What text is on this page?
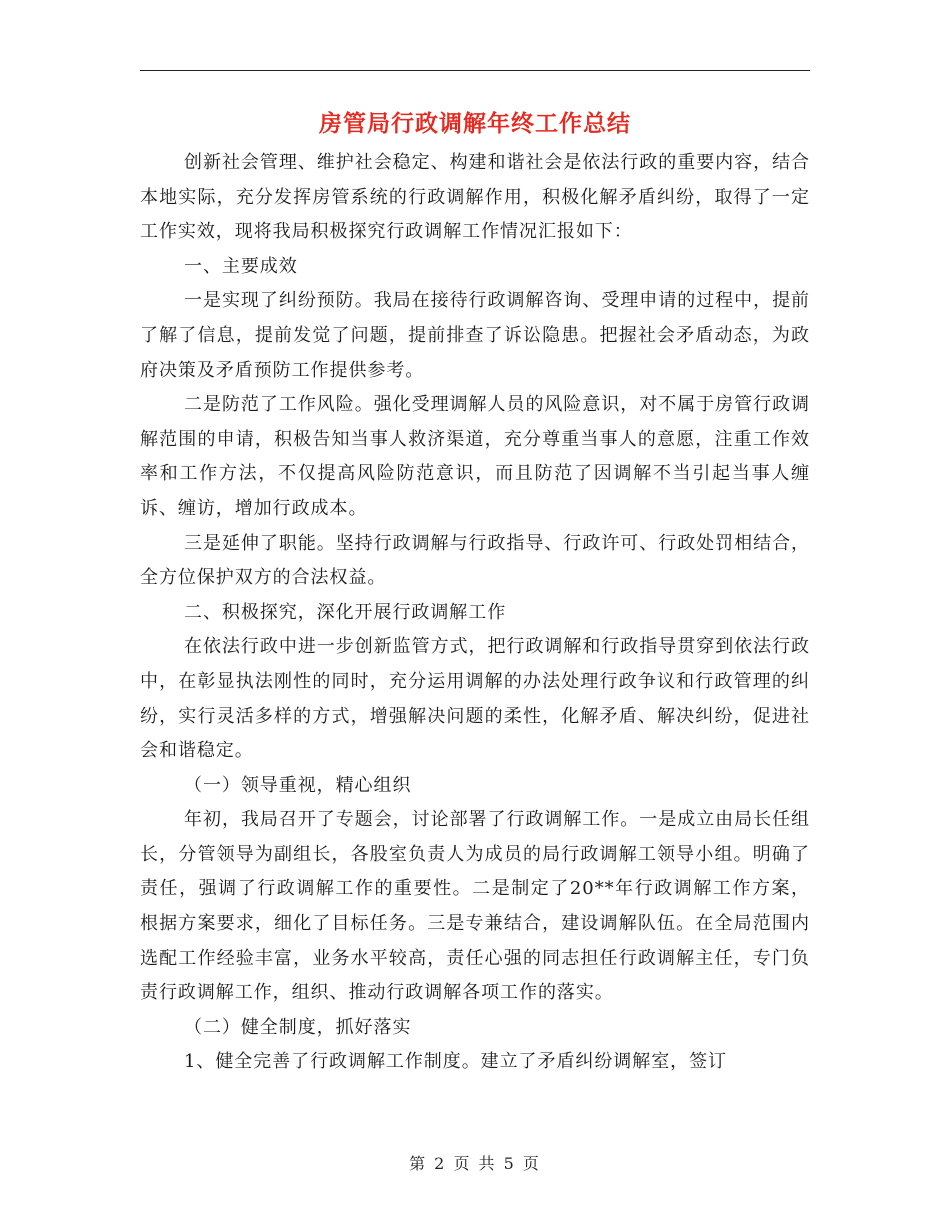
房管局行政调解年终工作总结

创新社会管理、维护社会稳定、构建和谐社会是依法行政的重要内容，结合本地实际，充分发挥房管系统的行政调解作用，积极化解矛盾纠纷，取得了一定工作实效，现将我局积极探究行政调解工作情况汇报如下：

一、主要成效

一是实现了纠纷预防。我局在接待行政调解咨询、受理申请的过程中，提前了解了信息，提前发觉了问题，提前排查了诉讼隐患。把握社会矛盾动态，为政府决策及矛盾预防工作提供参考。

二是防范了工作风险。强化受理调解人员的风险意识，对不属于房管行政调解范围的申请，积极告知当事人救济渠道，充分尊重当事人的意愿，注重工作效率和工作方法，不仅提高风险防范意识，而且防范了因调解不当引起当事人缠诉、缠访，增加行政成本。

三是延伸了职能。坚持行政调解与行政指导、行政许可、行政处罚相结合，全方位保护双方的合法权益。

二、积极探究，深化开展行政调解工作

在依法行政中进一步创新监管方式，把行政调解和行政指导贯穿到依法行政中，在彰显执法刚性的同时，充分运用调解的办法处理行政争议和行政管理的纠纷，实行灵活多样的方式，增强解决问题的柔性，化解矛盾、解决纠纷，促进社会和谐稳定。

（一）领导重视，精心组织

年初，我局召开了专题会，讨论部署了行政调解工作。一是成立由局长任组长，分管领导为副组长，各股室负责人为成员的局行政调解工领导小组。明确了责任，强调了行政调解工作的重要性。二是制定了20**年行政调解工作方案，根据方案要求，细化了目标任务。三是专兼结合，建设调解队伍。在全局范围内选配工作经验丰富，业务水平较高，责任心强的同志担任行政调解主任，专门负责行政调解工作，组织、推动行政调解各项工作的落实。

（二）健全制度，抓好落实

1、健全完善了行政调解工作制度。建立了矛盾纠纷调解室，签订

第 2 页 共 5 页
